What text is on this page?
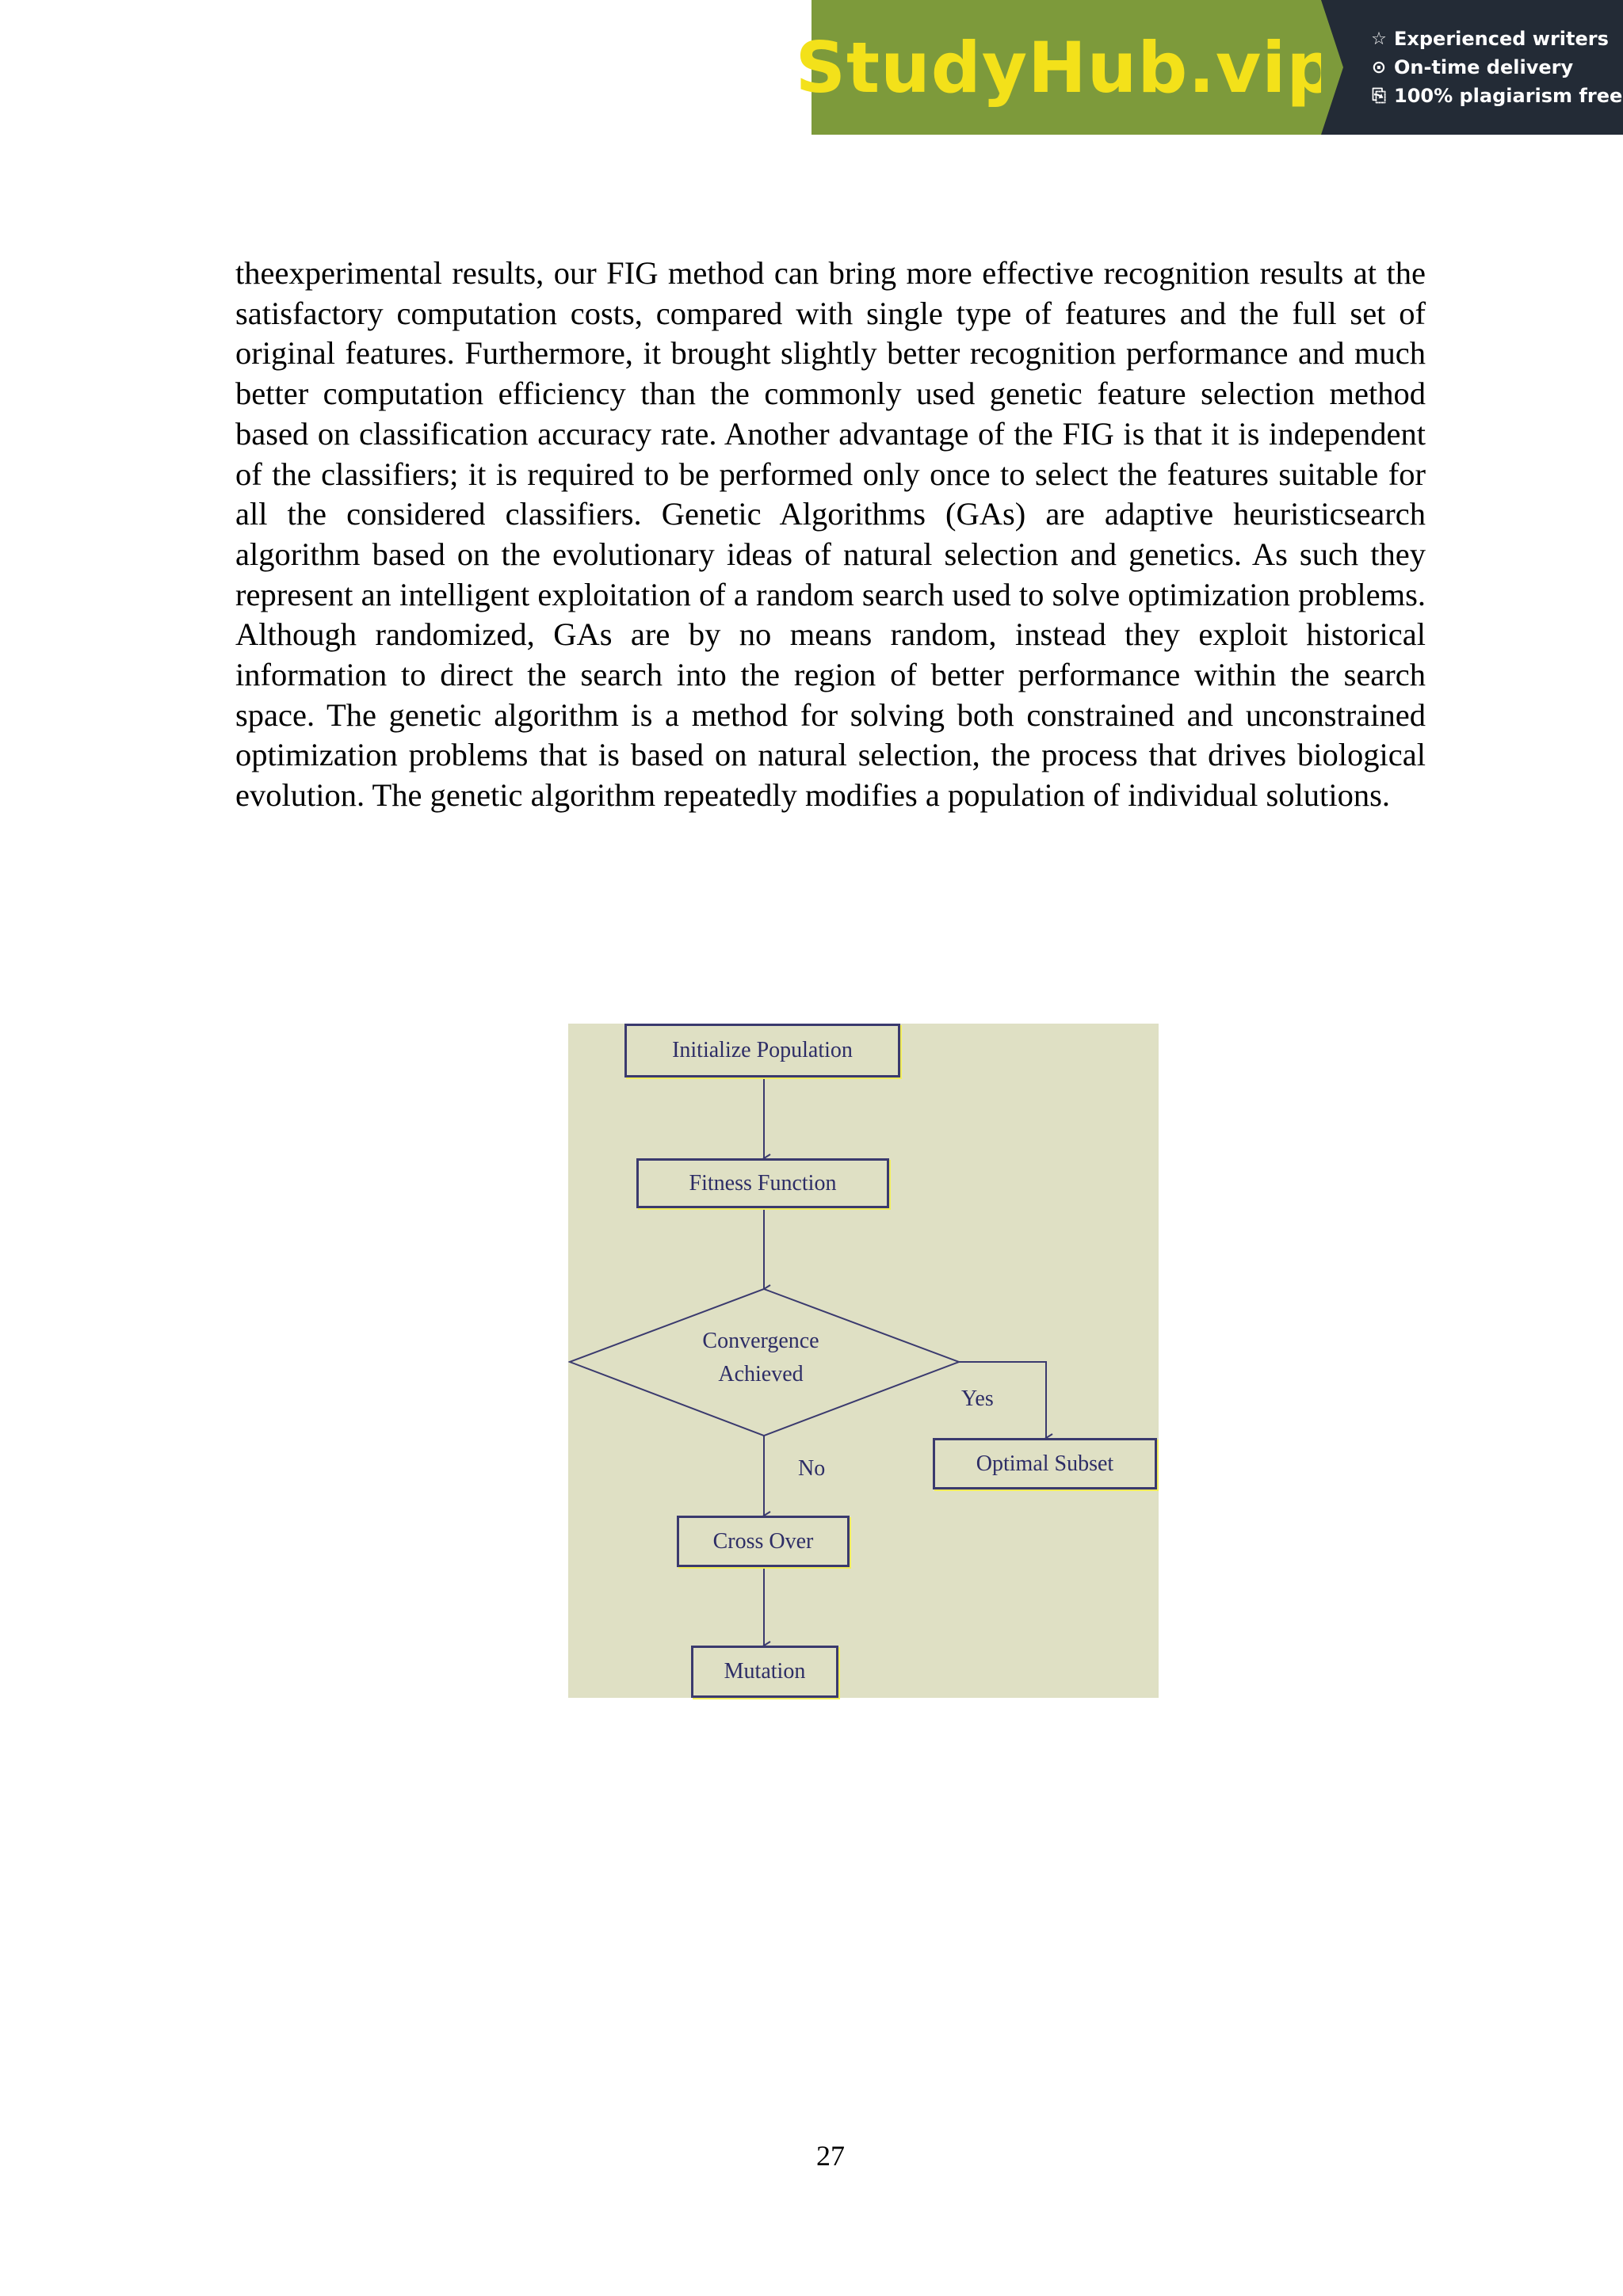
StudyHub.vip ☆ Experienced writers
⊙ On-time delivery
⎘ 100% plagiarism free

theexperimental results, our FIG method can bring more effective recognition results at the satisfactory computation costs, compared with single type of features and the full set of original features. Furthermore, it brought slightly better recognition performance and much better computation efficiency than the commonly used genetic feature selection method based on classification accuracy rate. Another advantage of the FIG is that it is independent of the classifiers; it is required to be performed only once to select the features suitable for all the considered classifiers. Genetic Algorithms (GAs) are adaptive heuristicsearch algorithm based on the evolutionary ideas of natural selection and genetics. As such they represent an intelligent exploitation of a random search used to solve optimization problems. Although randomized, GAs are by no means random, instead they exploit historical information to direct the search into the region of better performance within the search space. The genetic algorithm is a method for solving both constrained and unconstrained optimization problems that is based on natural selection, the process that drives biological evolution. The genetic algorithm repeatedly modifies a population of individual solutions.

Initialize Population
Fitness Function
Convergence
Achieved
Yes
Optimal Subset
No
Cross Over
Mutation
27
